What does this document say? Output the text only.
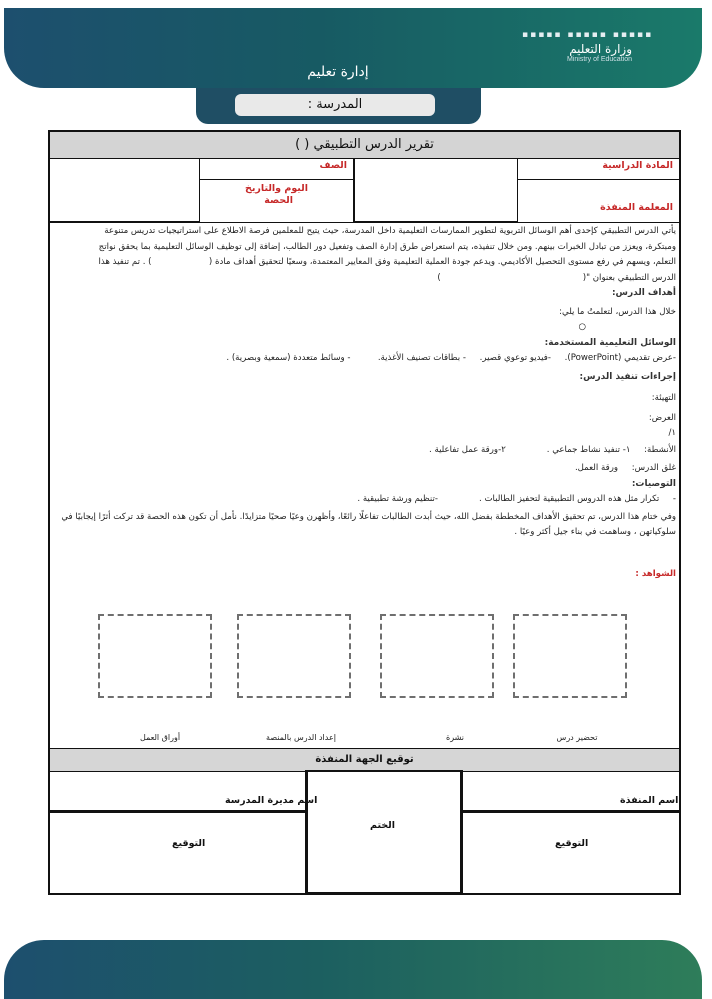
▪▪▪▪▪ ▪▪▪▪▪ ▪▪▪▪▪
وزارة التعليم
Ministry of Education
إدارة تعليم
المدرسة :
تقرير الدرس التطبيقي ( )
المادة الدراسية
الصف
المعلمة المنفذة
اليوم والتاريخ
الحصة

يأتي الدرس التطبيقي كإحدى أهم الوسائل التربوية لتطوير الممارسات التعليمية داخل المدرسة، حيث يتيح للمعلمين فرصة الاطلاع على استراتيجيات تدريس متنوعة

ومبتكرة، ويعزز من تبادل الخبرات بينهم. ومن خلال تنفيذه، يتم استعراض طرق إدارة الصف وتفعيل دور الطالب، إضافة إلى توظيف الوسائل التعليمية بما يحقق نواتج

التعلم، ويسهم في رفع مستوى التحصيل الأكاديمي. ويدعم جودة العملية التعليمية وفق المعايير المعتمدة، وسعيًا لتحقيق أهداف مادة (                     ) . تم تنفيذ هذا

الدرس التطبيقي بعنوان "(                                                    )

أهداف الدرس:

خلال هذا الدرس، لتعلمتُ ما يلي:

○

الوسائل التعليمية المستخدمة:

-عرض تقديمي (PowerPoint).     -فيديو توعوي قصير.     - بطاقات تصنيف الأغذية.          - وسائط متعددة (سمعية وبصرية) .

إجراءات تنفيذ الدرس:

التهيئة:

العرض:

١/

الأنشطة:     ١- تنفيذ نشاط جماعي .               ٢-ورقة عمل تفاعلية .

غلق الدرس:     ورقة العمل.

التوصيات:

-     تكرار مثل هذه الدروس التطبيقية لتحفيز الطالبات .               -تنظيم ورشة تطبيقية .

وفي ختام هذا الدرس، تم تحقيق الأهداف المخططة بفضل الله، حيث أبدت الطالبات تفاعلًا رائعًا، وأظهرن وعيًا صحيًا متزايدًا. نأمل أن تكون هذه الحصة قد تركت أثرًا إيجابيًا في

سلوكياتهن ، وساهمت في بناء جيل أكثر وعيًا .

الشواهد :

تحضير درس
نشرة
إعداد الدرس بالمنصة
أوراق العمل
توقيع الجهة المنفذة
اسم المنفذة
الختم
اسم مديرة المدرسة
التوقيع
التوقيع
